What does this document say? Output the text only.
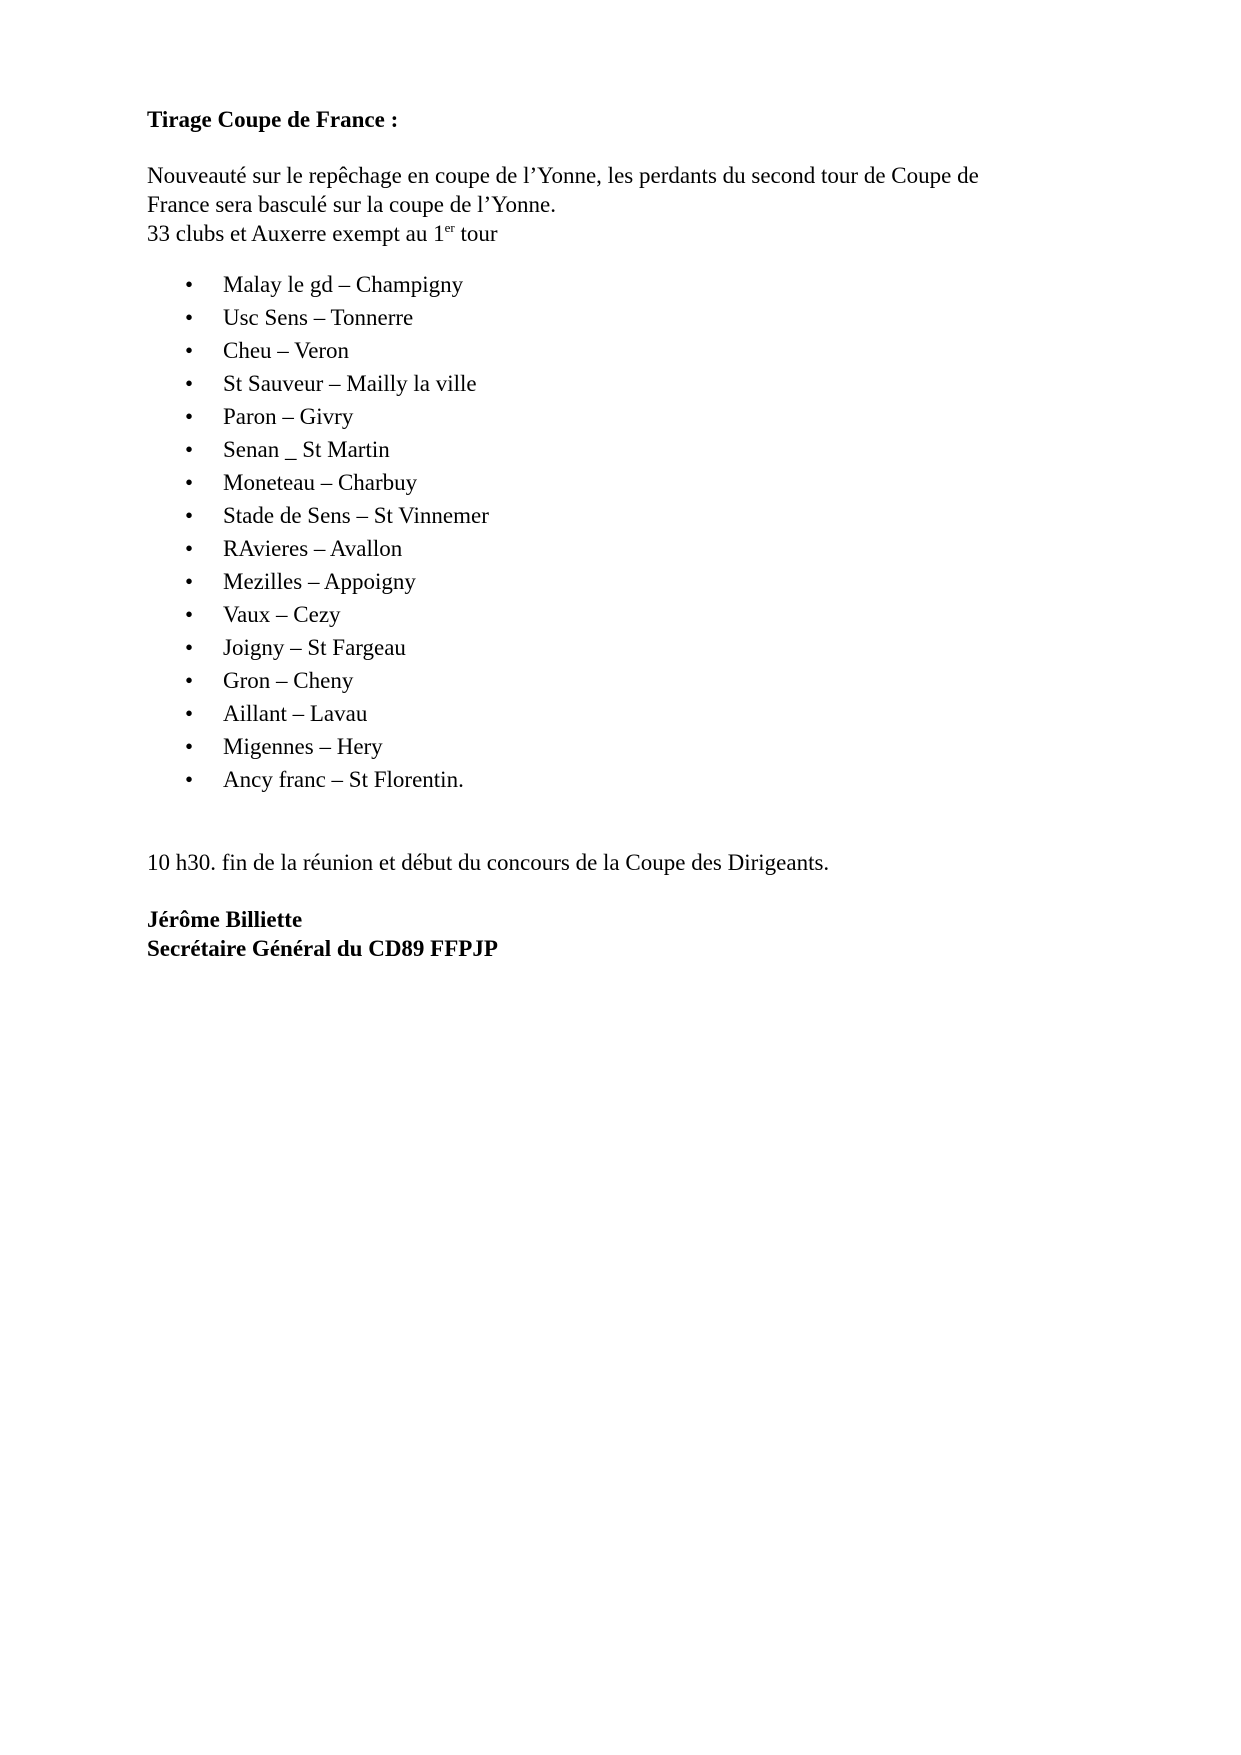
Tirage Coupe de France :

Nouveauté sur le repêchage en coupe de l’Yonne, les perdants du second tour de Coupe de
France sera basculé sur la coupe de l’Yonne.
33 clubs et Auxerre exempt au 1er tour

• Malay le gd – Champigny
• Usc Sens – Tonnerre
• Cheu – Veron
• St Sauveur – Mailly la ville
• Paron – Givry
• Senan _ St Martin
• Moneteau – Charbuy
• Stade de Sens – St Vinnemer
• RAvieres – Avallon
• Mezilles – Appoigny
• Vaux – Cezy
• Joigny – St Fargeau
• Gron – Cheny
• Aillant – Lavau
• Migennes – Hery
• Ancy franc – St Florentin.

10 h30. fin de la réunion et début du concours de la Coupe des Dirigeants.

Jérôme Billiette
Secrétaire Général du CD89 FFPJP
